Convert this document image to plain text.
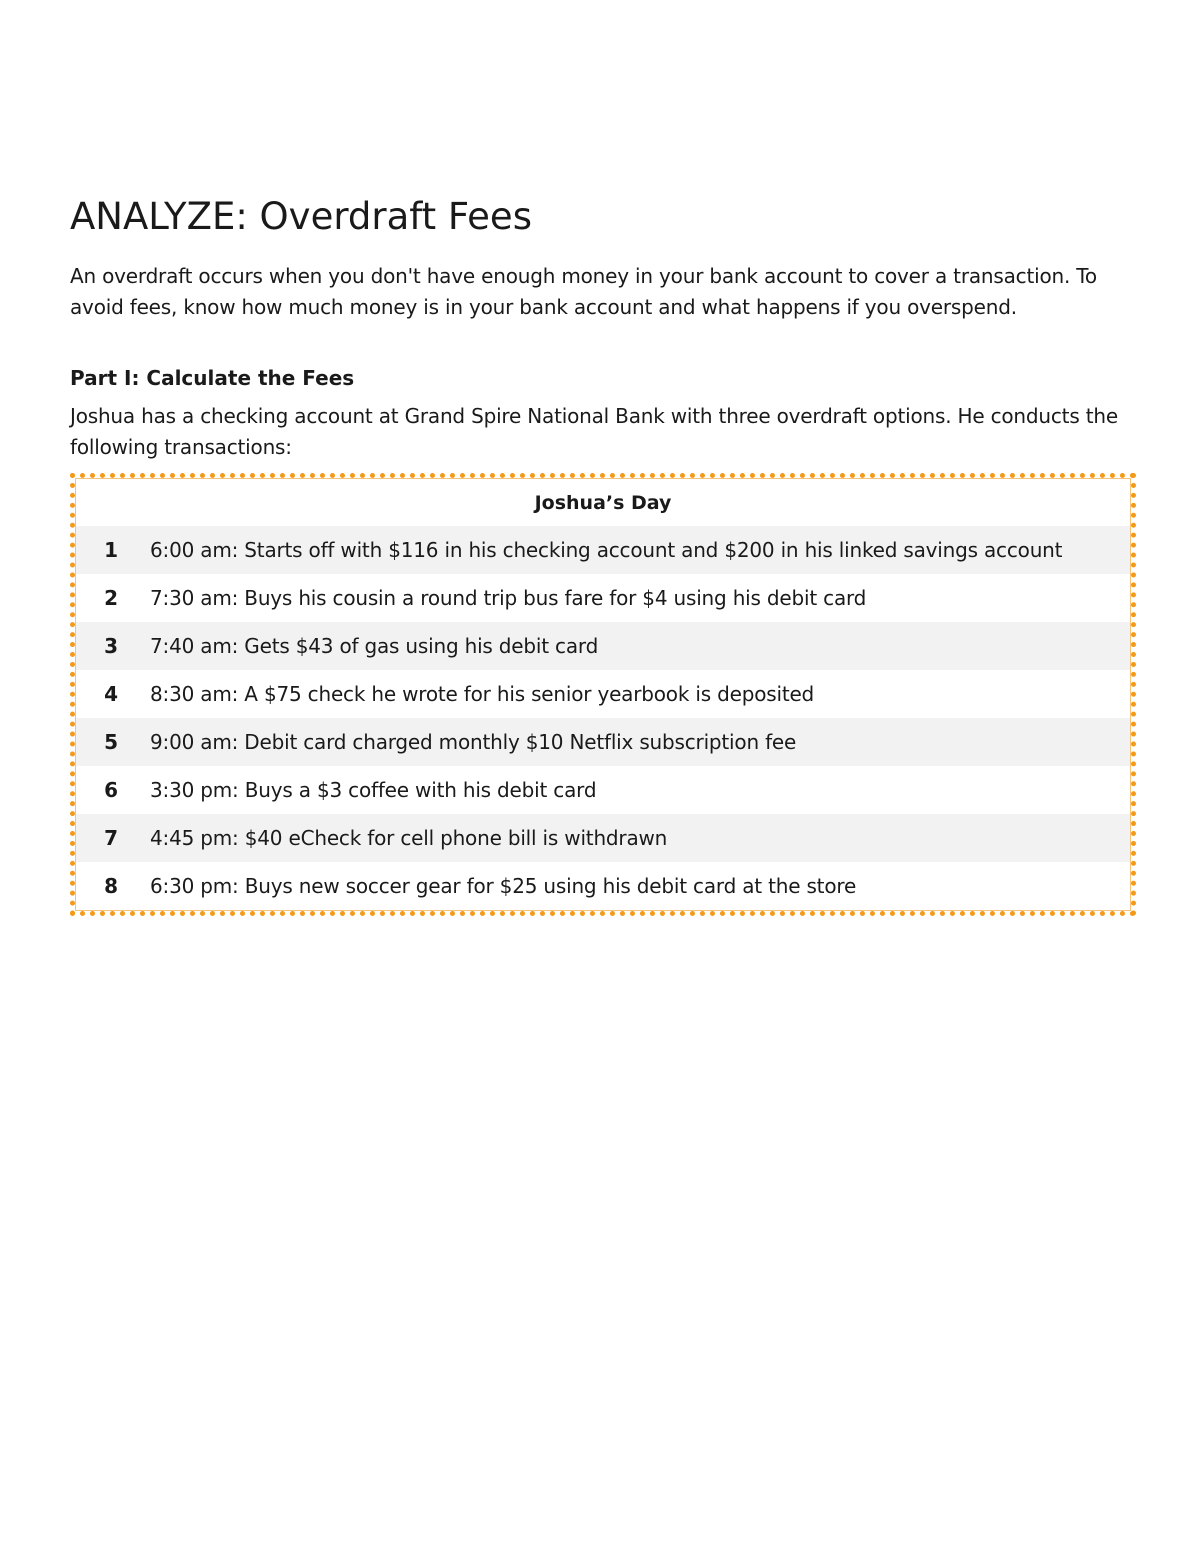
ANALYZE: Overdraft Fees

An overdraft occurs when you don't have enough money in your bank account to cover a transaction. To avoid fees, know how much money is in your bank account and what happens if you overspend.

Part I: Calculate the Fees

Joshua has a checking account at Grand Spire National Bank with three overdraft options. He conducts the following transactions:

Joshua’s Day	
1	6:00 am: Starts off with $116 in his checking account and $200 in his linked savings account
2	7:30 am: Buys his cousin a round trip bus fare for $4 using his debit card
3	7:40 am: Gets $43 of gas using his debit card
4	8:30 am: A $75 check he wrote for his senior yearbook is deposited
5	9:00 am: Debit card charged monthly $10 Netflix subscription fee
6	3:30 pm: Buys a $3 coffee with his debit card
7	4:45 pm: $40 eCheck for cell phone bill is withdrawn
8	6:30 pm: Buys new soccer gear for $25 using his debit card at the store
